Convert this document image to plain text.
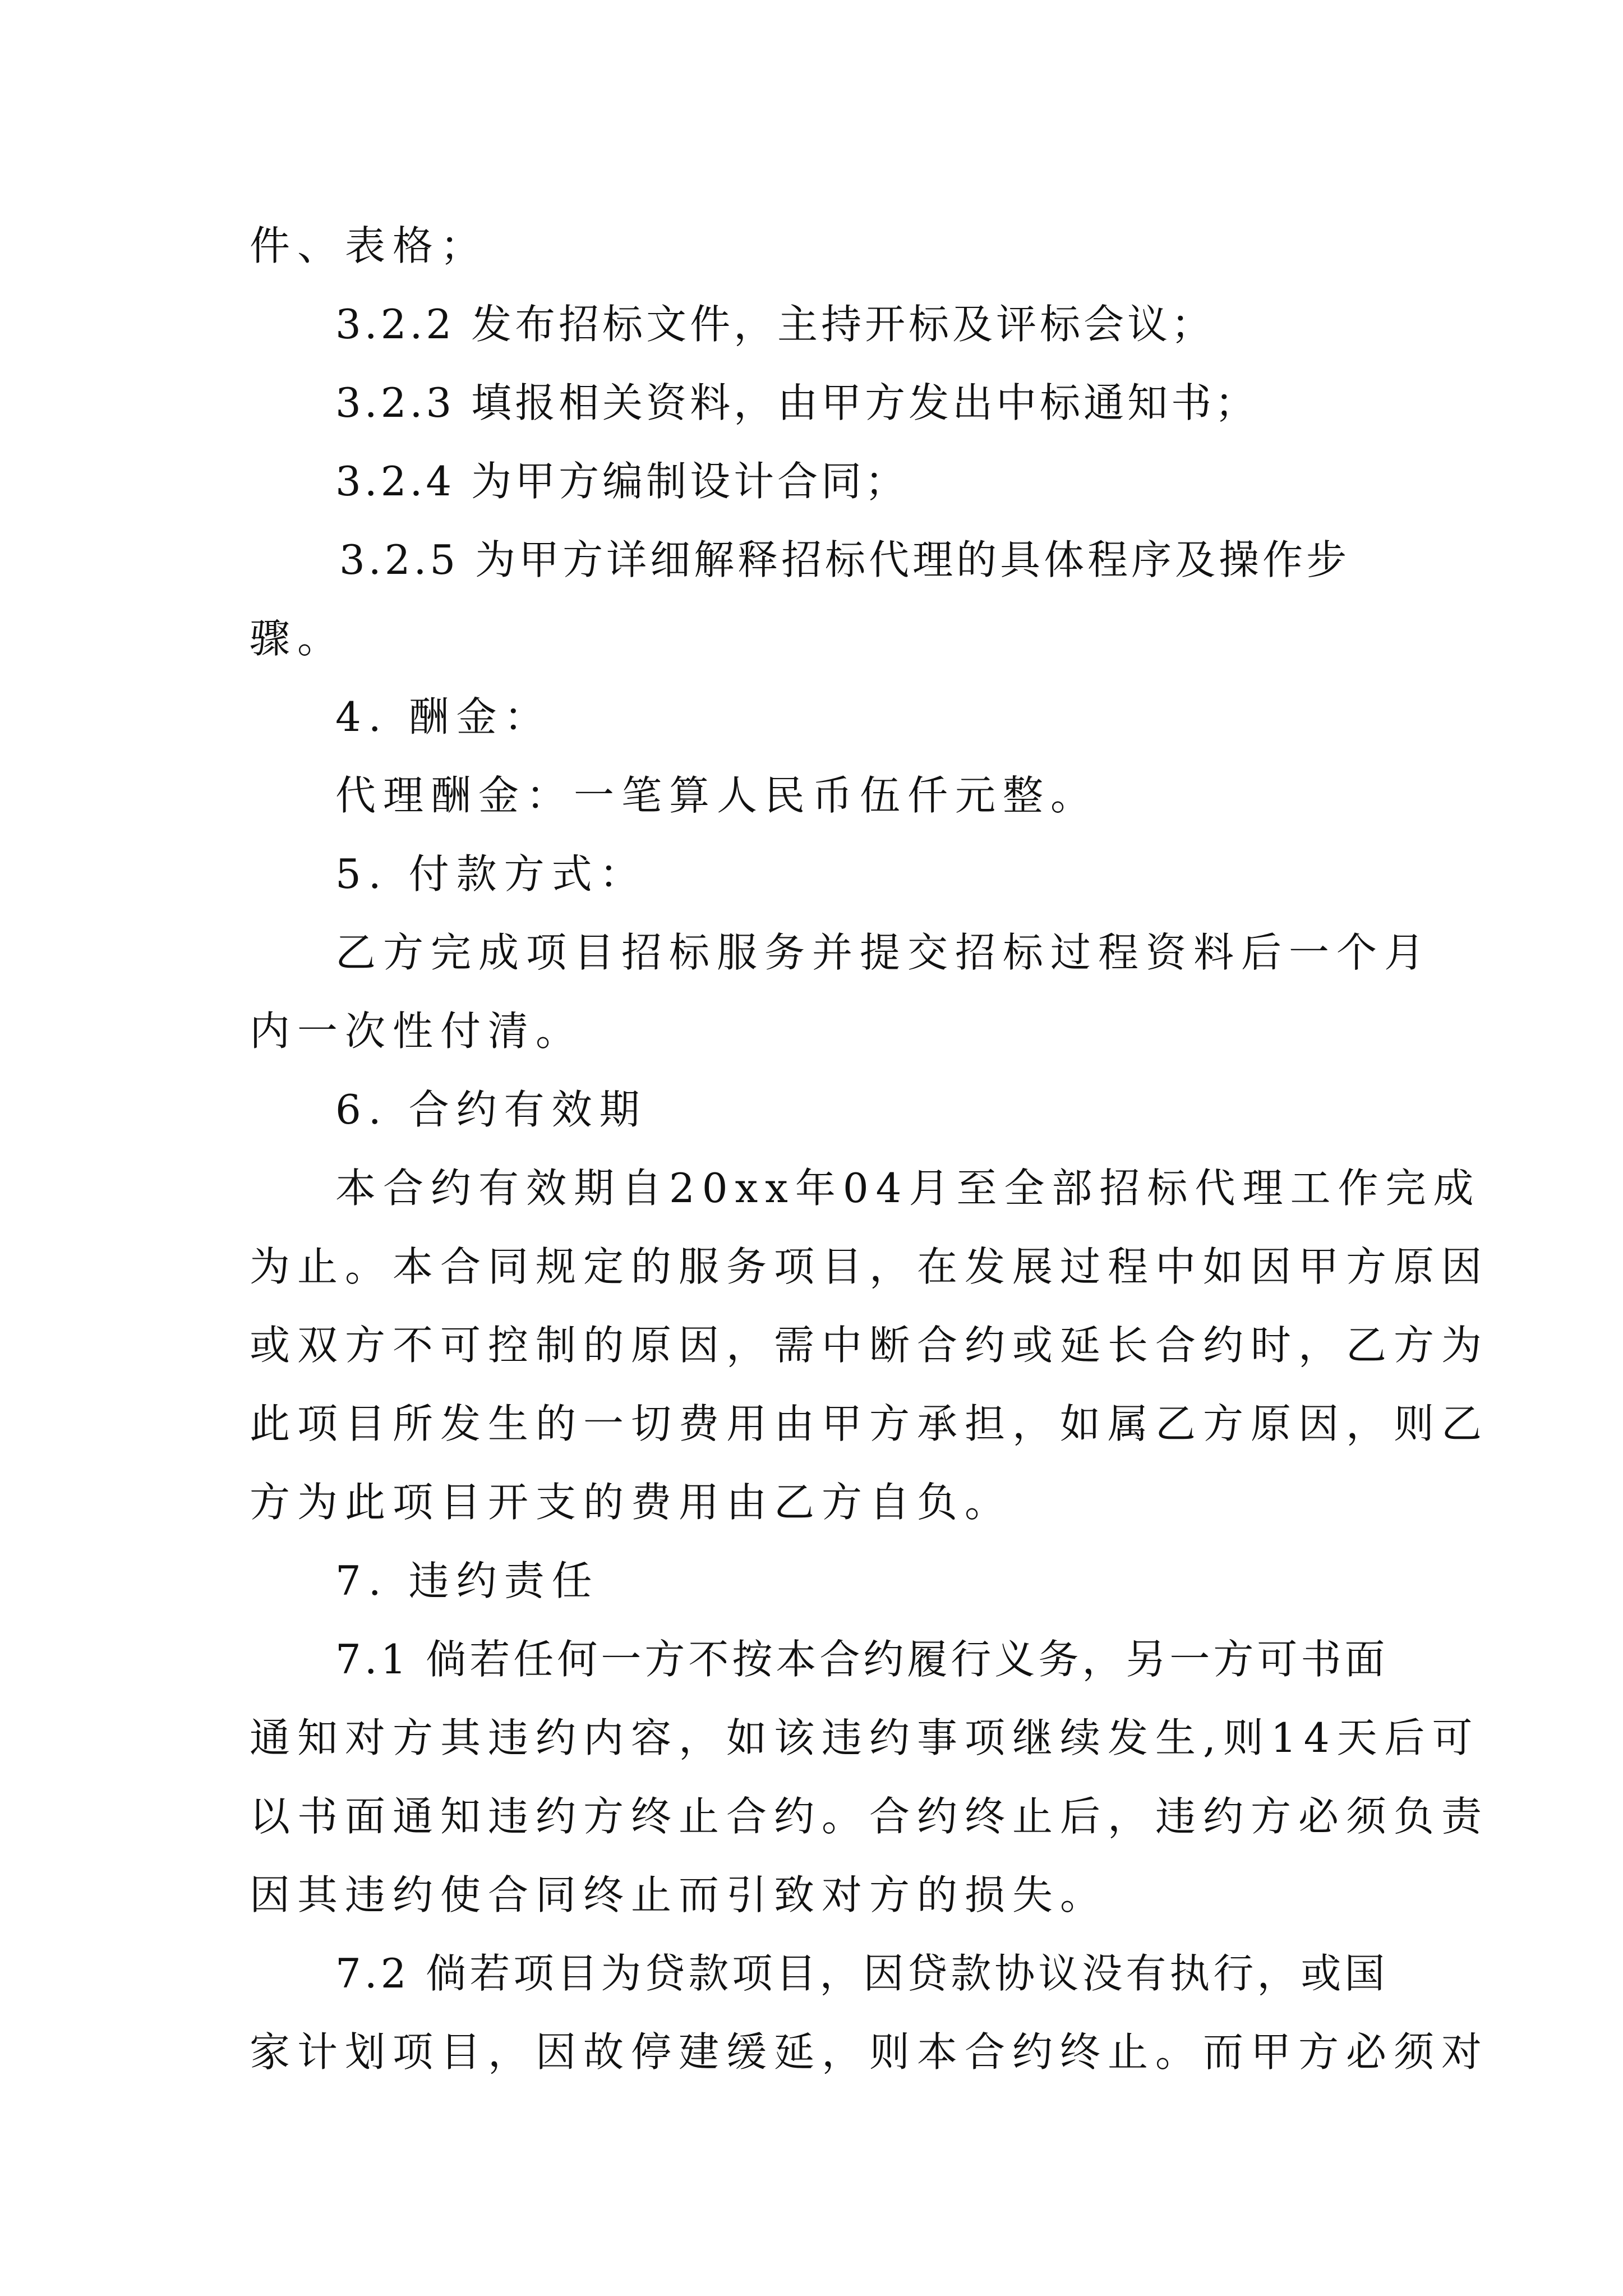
件、表格；
3.2.2 发布招标文件，主持开标及评标会议；
3.2.3 填报相关资料，由甲方发出中标通知书；
3.2.4 为甲方编制设计合同；
3.2.5 为甲方详细解释招标代理的具体程序及操作步
骤。
4. 酬金：
代理酬金：一笔算人民币伍仟元整。
5. 付款方式：
乙方完成项目招标服务并提交招标过程资料后一个月
内一次性付清。
6. 合约有效期
本合约有效期自20xx年04月至全部招标代理工作完成
为止。本合同规定的服务项目，在发展过程中如因甲方原因
或双方不可控制的原因，需中断合约或延长合约时，乙方为
此项目所发生的一切费用由甲方承担，如属乙方原因，则乙
方为此项目开支的费用由乙方自负。
7. 违约责任
7.1 倘若任何一方不按本合约履行义务，另一方可书面
通知对方其违约内容，如该违约事项继续发生,则14天后可
以书面通知违约方终止合约。合约终止后，违约方必须负责
因其违约使合同终止而引致对方的损失。
7.2 倘若项目为贷款项目，因贷款协议没有执行，或国
家计划项目，因故停建缓延，则本合约终止。而甲方必须对
